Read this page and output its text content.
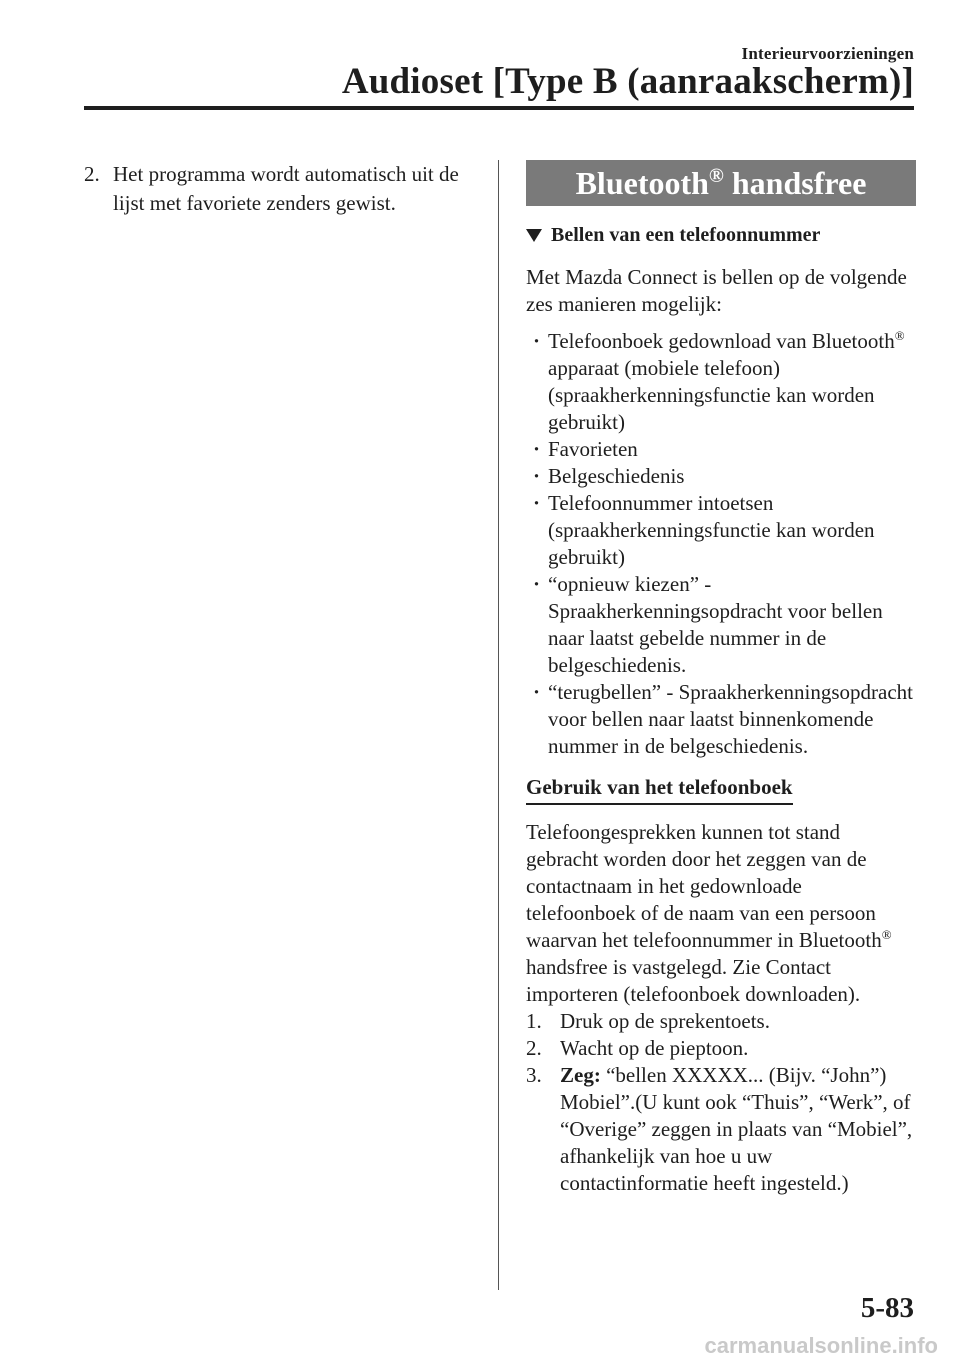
Interieurvoorzieningen
Audioset [Type B (aanraakscherm)]
2. Het programma wordt automatisch uit de lijst met favoriete zenders gewist.
Bluetooth® handsfree
Bellen van een telefoonnummer

Met Mazda Connect is bellen op de volgende zes manieren mogelijk:

· Telefoonboek gedownload van Bluetooth® apparaat (mobiele telefoon) (spraakherkenningsfunctie kan worden gebruikt)
· Favorieten
· Belgeschiedenis
· Telefoonnummer intoetsen (spraakherkenningsfunctie kan worden gebruikt)
· “opnieuw kiezen” - Spraakherkenningsopdracht voor bellen naar laatst gebelde nummer in de belgeschiedenis.
· “terugbellen” - Spraakherkenningsopdracht voor bellen naar laatst binnenkomende nummer in de belgeschiedenis.
Gebruik van het telefoonboek

Telefoongesprekken kunnen tot stand gebracht worden door het zeggen van de contactnaam in het gedownloade telefoonboek of de naam van een persoon waarvan het telefoonnummer in Bluetooth® handsfree is vastgelegd. Zie Contact importeren (telefoonboek downloaden).

1. Druk op de sprekentoets.
2. Wacht op de pieptoon.
3. Zeg: “bellen XXXXX... (Bijv. “John”) Mobiel”.(U kunt ook “Thuis”, “Werk”, of “Overige” zeggen in plaats van “Mobiel”, afhankelijk van hoe u uw contactinformatie heeft ingesteld.)
5-83
carmanualsonline.info
